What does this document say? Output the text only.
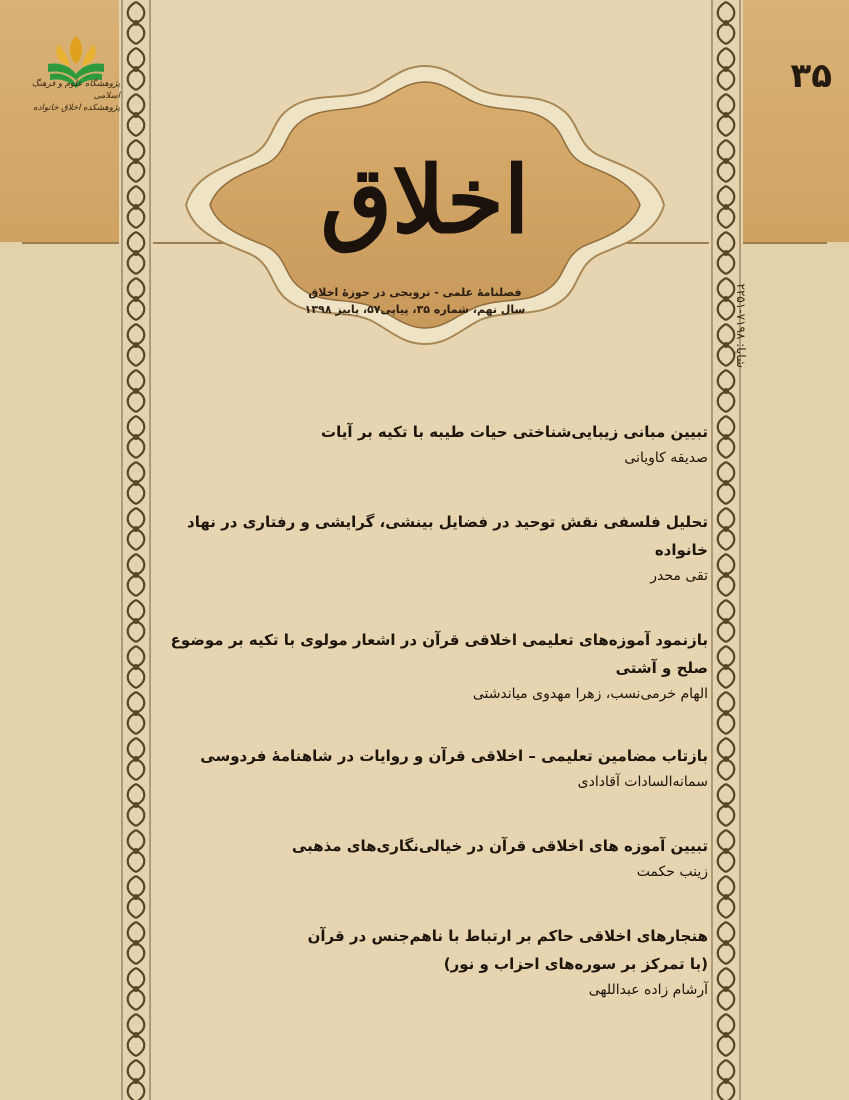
پژوهشگاه علوم و فرهنگ اسلامی
پژوهشکده اخلاق خانواده
۳۵
شاپا: ۷۱۹۸-۲۲۵۱
اخلاق
فصلنامهٔ علمی - ترویجی در حوزهٔ اخلاق
سال نهم، شماره ۳۵، پیاپی۵۷، پاییز ۱۳۹۸
تبیین مبانی زیبایی‌شناختی حیات طیبه با تکیه بر آیات
صدیقه کاویانی
تحلیل فلسفی نقش توحید در فضایل بینشی، گرایشی و رفتاری در نهاد خانواده
تقی محدر
بازنمود آموزه‌های تعلیمی اخلاقی قرآن در اشعار مولوی با تکیه بر موضوع صلح و آشتی
الهام خرمی‌نسب، زهرا مهدوی میاندشتی
بازتاب مضامین تعلیمی – اخلاقی قرآن و روایات در شاهنامهٔ فردوسی
سمانه‌السادات آقادادی
تبیین آموزه های اخلاقی قرآن در خیالی‌نگاری‌های مذهبی
زینب حکمت
هنجارهای اخلاقی حاکم بر ارتباط با ناهم‌جنس در قرآن
(با تمرکز بر سوره‌های احزاب و نور)
آرشام زاده عبداللهی
